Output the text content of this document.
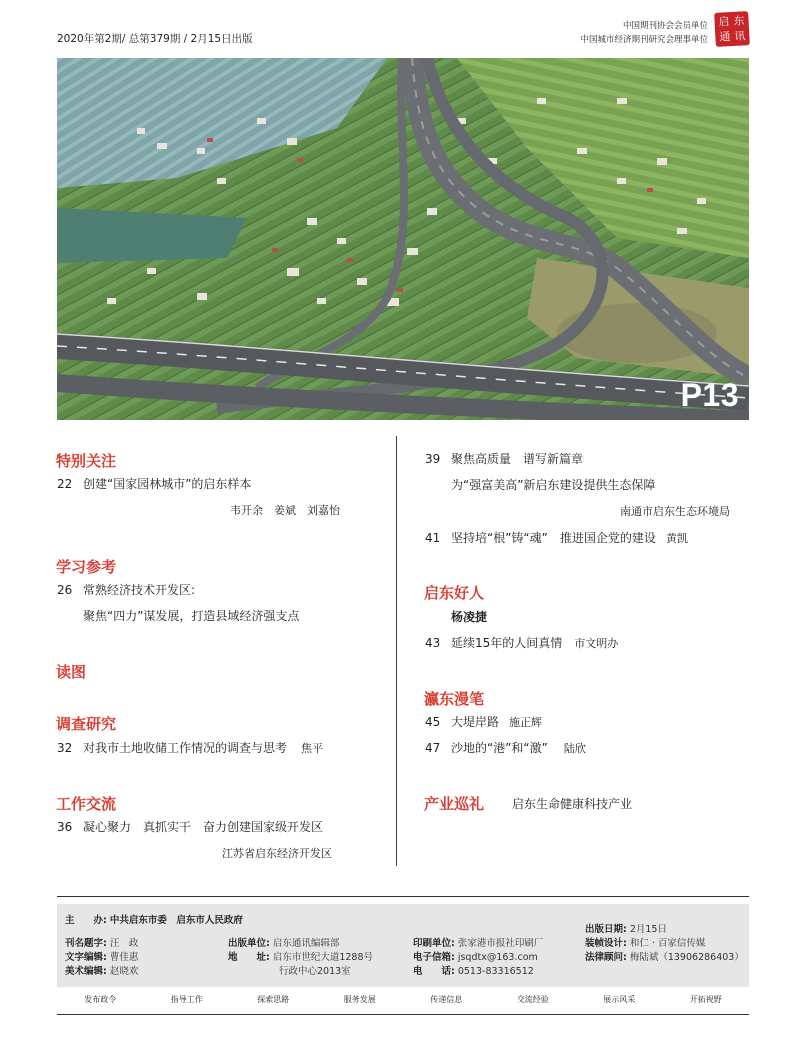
2020年第2期/ 总第379期 / 2月15日出版
中国期刊协会会员单位
中国城市经济期刊研究会理事单位
启 东
通 讯
P13
特别关注
22 创建“国家园林城市”的启东样本
韦开余　姜斌　刘嘉怡
学习参考
26 常熟经济技术开发区:
聚焦“四力”谋发展，打造县域经济强支点
读图
调查研究
32 对我市土地收储工作情况的调查与思考 焦平
工作交流
36 凝心聚力　真抓实干　奋力创建国家级开发区
江苏省启东经济开发区
39 聚焦高质量　谱写新篇章
为“强富美高”新启东建设提供生态保障
南通市启东生态环境局
41 坚持培“根”铸“魂”　推进国企党的建设 黄凯
启东好人
杨凌捷
43 延续15年的人间真情 市文明办
瀛东漫笔
45 大堤岸路 施正辉
47 沙地的“港”和“激” 陆欣
产业巡礼 启东生命健康科技产业
主　　办: 中共启东市委　启东市人民政府
刊名题字: 汪　政
文字编辑: 曹佳惠
美术编辑: 赵晓欢
出版单位: 启东通讯编辑部
地　　址: 启东市世纪大道1288号
行政中心2013室
印刷单位: 张家港市报社印刷厂
电子信箱: jsqdtx@163.com
电　　话: 0513-83316512
出版日期: 2月15日
装帧设计: 和仁 · 百家信传媒
法律顾问: 梅陆斌（13906286403）
发布政令	指导工作	探索思路	服务发展	传递信息	交流经验	展示风采	开拓视野
